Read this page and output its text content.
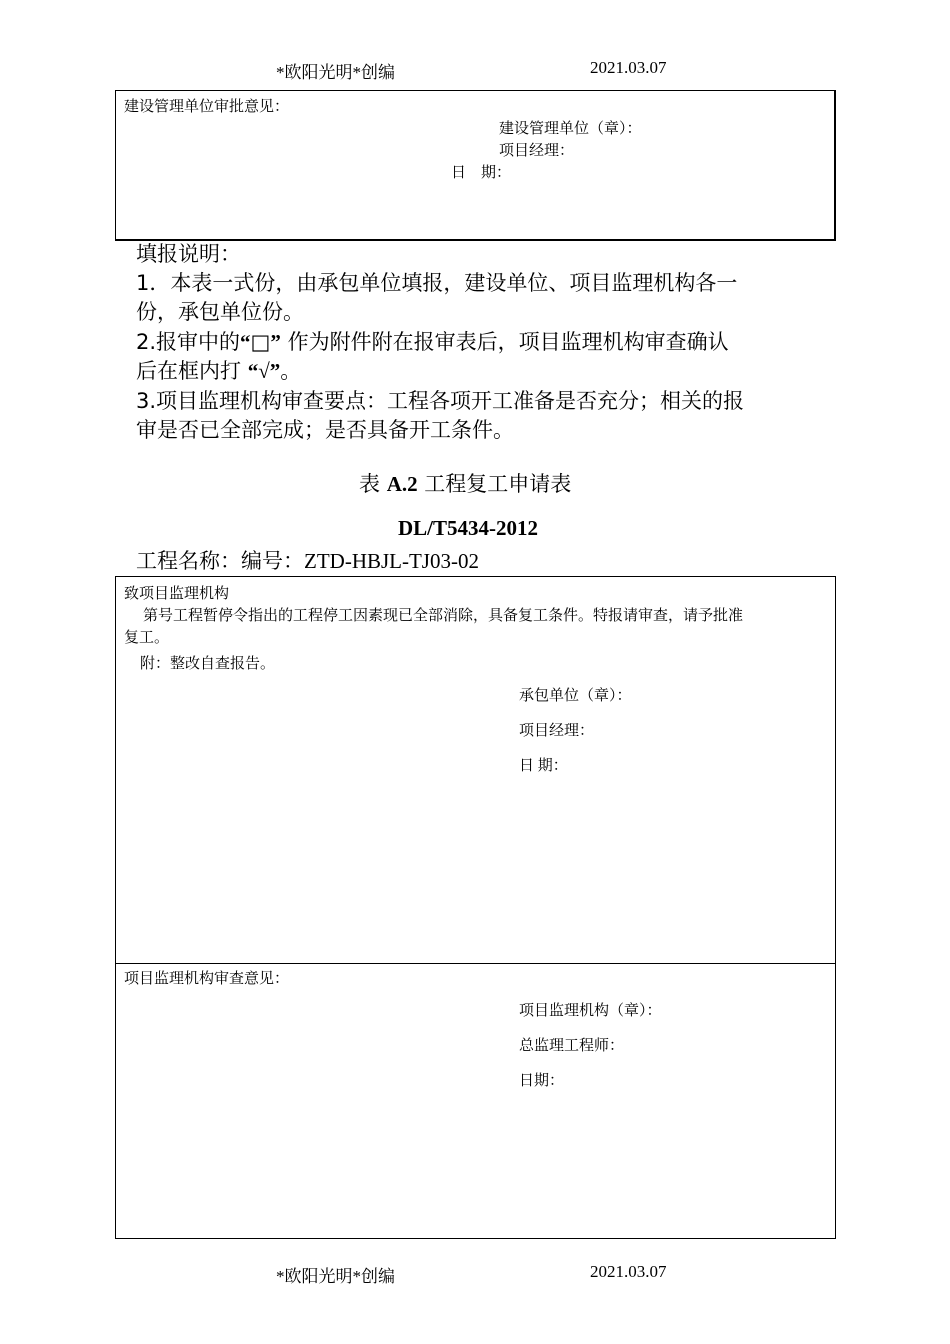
*欧阳光明*创编	2021.03.07
建设管理单位审批意见：
建设管理单位（章）：
项目经理：
日　期：
填报说明：
1．本表一式份，由承包单位填报，建设单位、项目监理机构各一
份，承包单位份。
2.报审中的“□” 作为附件附在报审表后，项目监理机构审查确认
后在框内打 “√”。
3.项目监理机构审查要点：工程各项开工准备是否充分；相关的报
审是否已全部完成；是否具备开工条件。
表 A.2 工程复工申请表
DL/T5434-2012
工程名称：编号：ZTD-HBJL-TJ03-02
致项目监理机构
第号工程暂停令指出的工程停工因素现已全部消除，具备复工条件。特报请审查，请予批准
复工。
附：整改自查报告。
承包单位（章）：
项目经理：
日 期：
项目监理机构审查意见：
项目监理机构（章）：
总监理工程师：
日期：
*欧阳光明*创编	2021.03.07
